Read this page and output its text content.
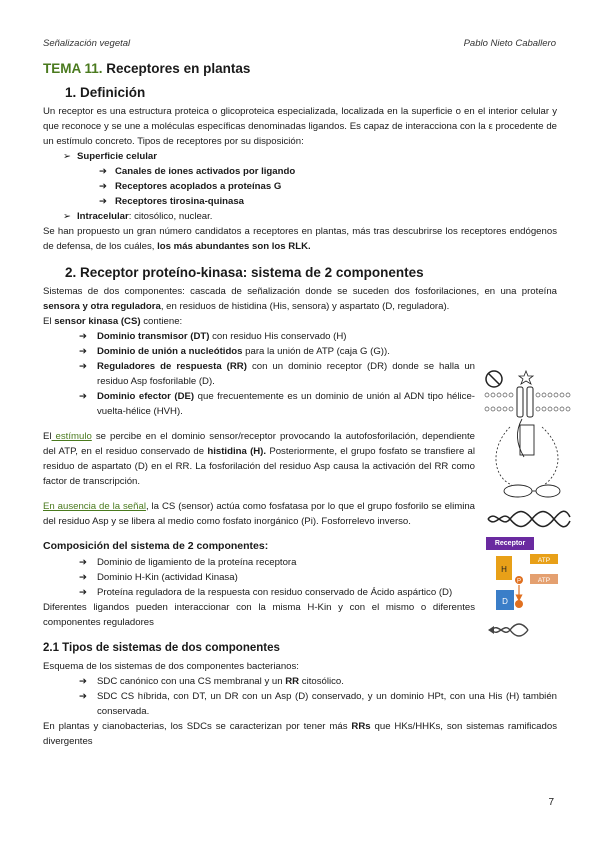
Señalización vegetal	Pablo Nieto Caballero
TEMA 11. Receptores en plantas
1. Definición

Un receptor es una estructura proteica o glicoproteica especializada, localizada en la superficie o en el interior celular y que reconoce y se une a moléculas específicas denominadas ligandos. Es capaz de interacciona con la ε procedente de un estímulo concreto. Tipos de receptores por su disposición:

➢ Superficie celular
➔ Canales de iones activados por ligando
➔ Receptores acoplados a proteínas G
➔ Receptores tirosina-quinasa
➢ Intracelular: citosólico, nuclear.

Se han propuesto un gran número candidatos a receptores en plantas, más tras descubrirse los receptores endógenos de defensa, de los cuáles, los más abundantes son los RLK.

2. Receptor proteíno-kinasa: sistema de 2 componentes

Sistemas de dos componentes: cascada de señalización donde se suceden dos fosforilaciones, en una proteína sensora y otra reguladora, en residuos de histidina (His, sensora) y aspartato (D, reguladora).

El sensor kinasa (CS) contiene:

➔ Dominio transmisor (DT) con residuo His conservado (H)
➔ Dominio de unión a nucleótidos para la unión de ATP (caja G (G)).
➔ Reguladores de respuesta (RR) con un dominio receptor (DR) donde se halla un residuo Asp fosforilable (D).
➔ Dominio efector (DE) que frecuentemente es un dominio de unión al ADN tipo hélice-vuelta-hélice (HVH).

El estímulo se percibe en el dominio sensor/receptor provocando la autofosforilación, dependiente del ATP, en el residuo conservado de histidina (H). Posteriormente, el grupo fosfato se transfiere al residuo de aspartato (D) en el RR. La fosforilación del residuo Asp causa la activación del RR como factor de transcripción.

En ausencia de la señal, la CS (sensor) actúa como fosfatasa por lo que el grupo fosforilo se elimina del residuo Asp y se libera al medio como fosfato inorgánico (Pi). Fosforrelevo inverso.

Composición del sistema de 2 componentes:
➔ Dominio de ligamiento de la proteína receptora
➔ Dominio H-Kin (actividad Kinasa)
➔ Proteína reguladora de la respuesta con residuo conservado de Ácido aspártico (D)

Diferentes ligandos pueden interaccionar con la misma H-Kin y con el mismo o diferentes componentes reguladores

2.1 Tipos de sistemas de dos componentes

Esquema de los sistemas de dos componentes bacterianos:

➔ SDC canónico con una CS membranal y un RR citosólico.
➔ SDC CS híbrida, con DT, un DR con un Asp (D) conservado, y un dominio HPt, con una His (H) también conservada.

En plantas y cianobacterias, los SDCs se caracterizan por tener más RRs que HKs/HHKs, son sistemas ramificados divergentes

Receptor
H
ATP
ATP
P
D
7
